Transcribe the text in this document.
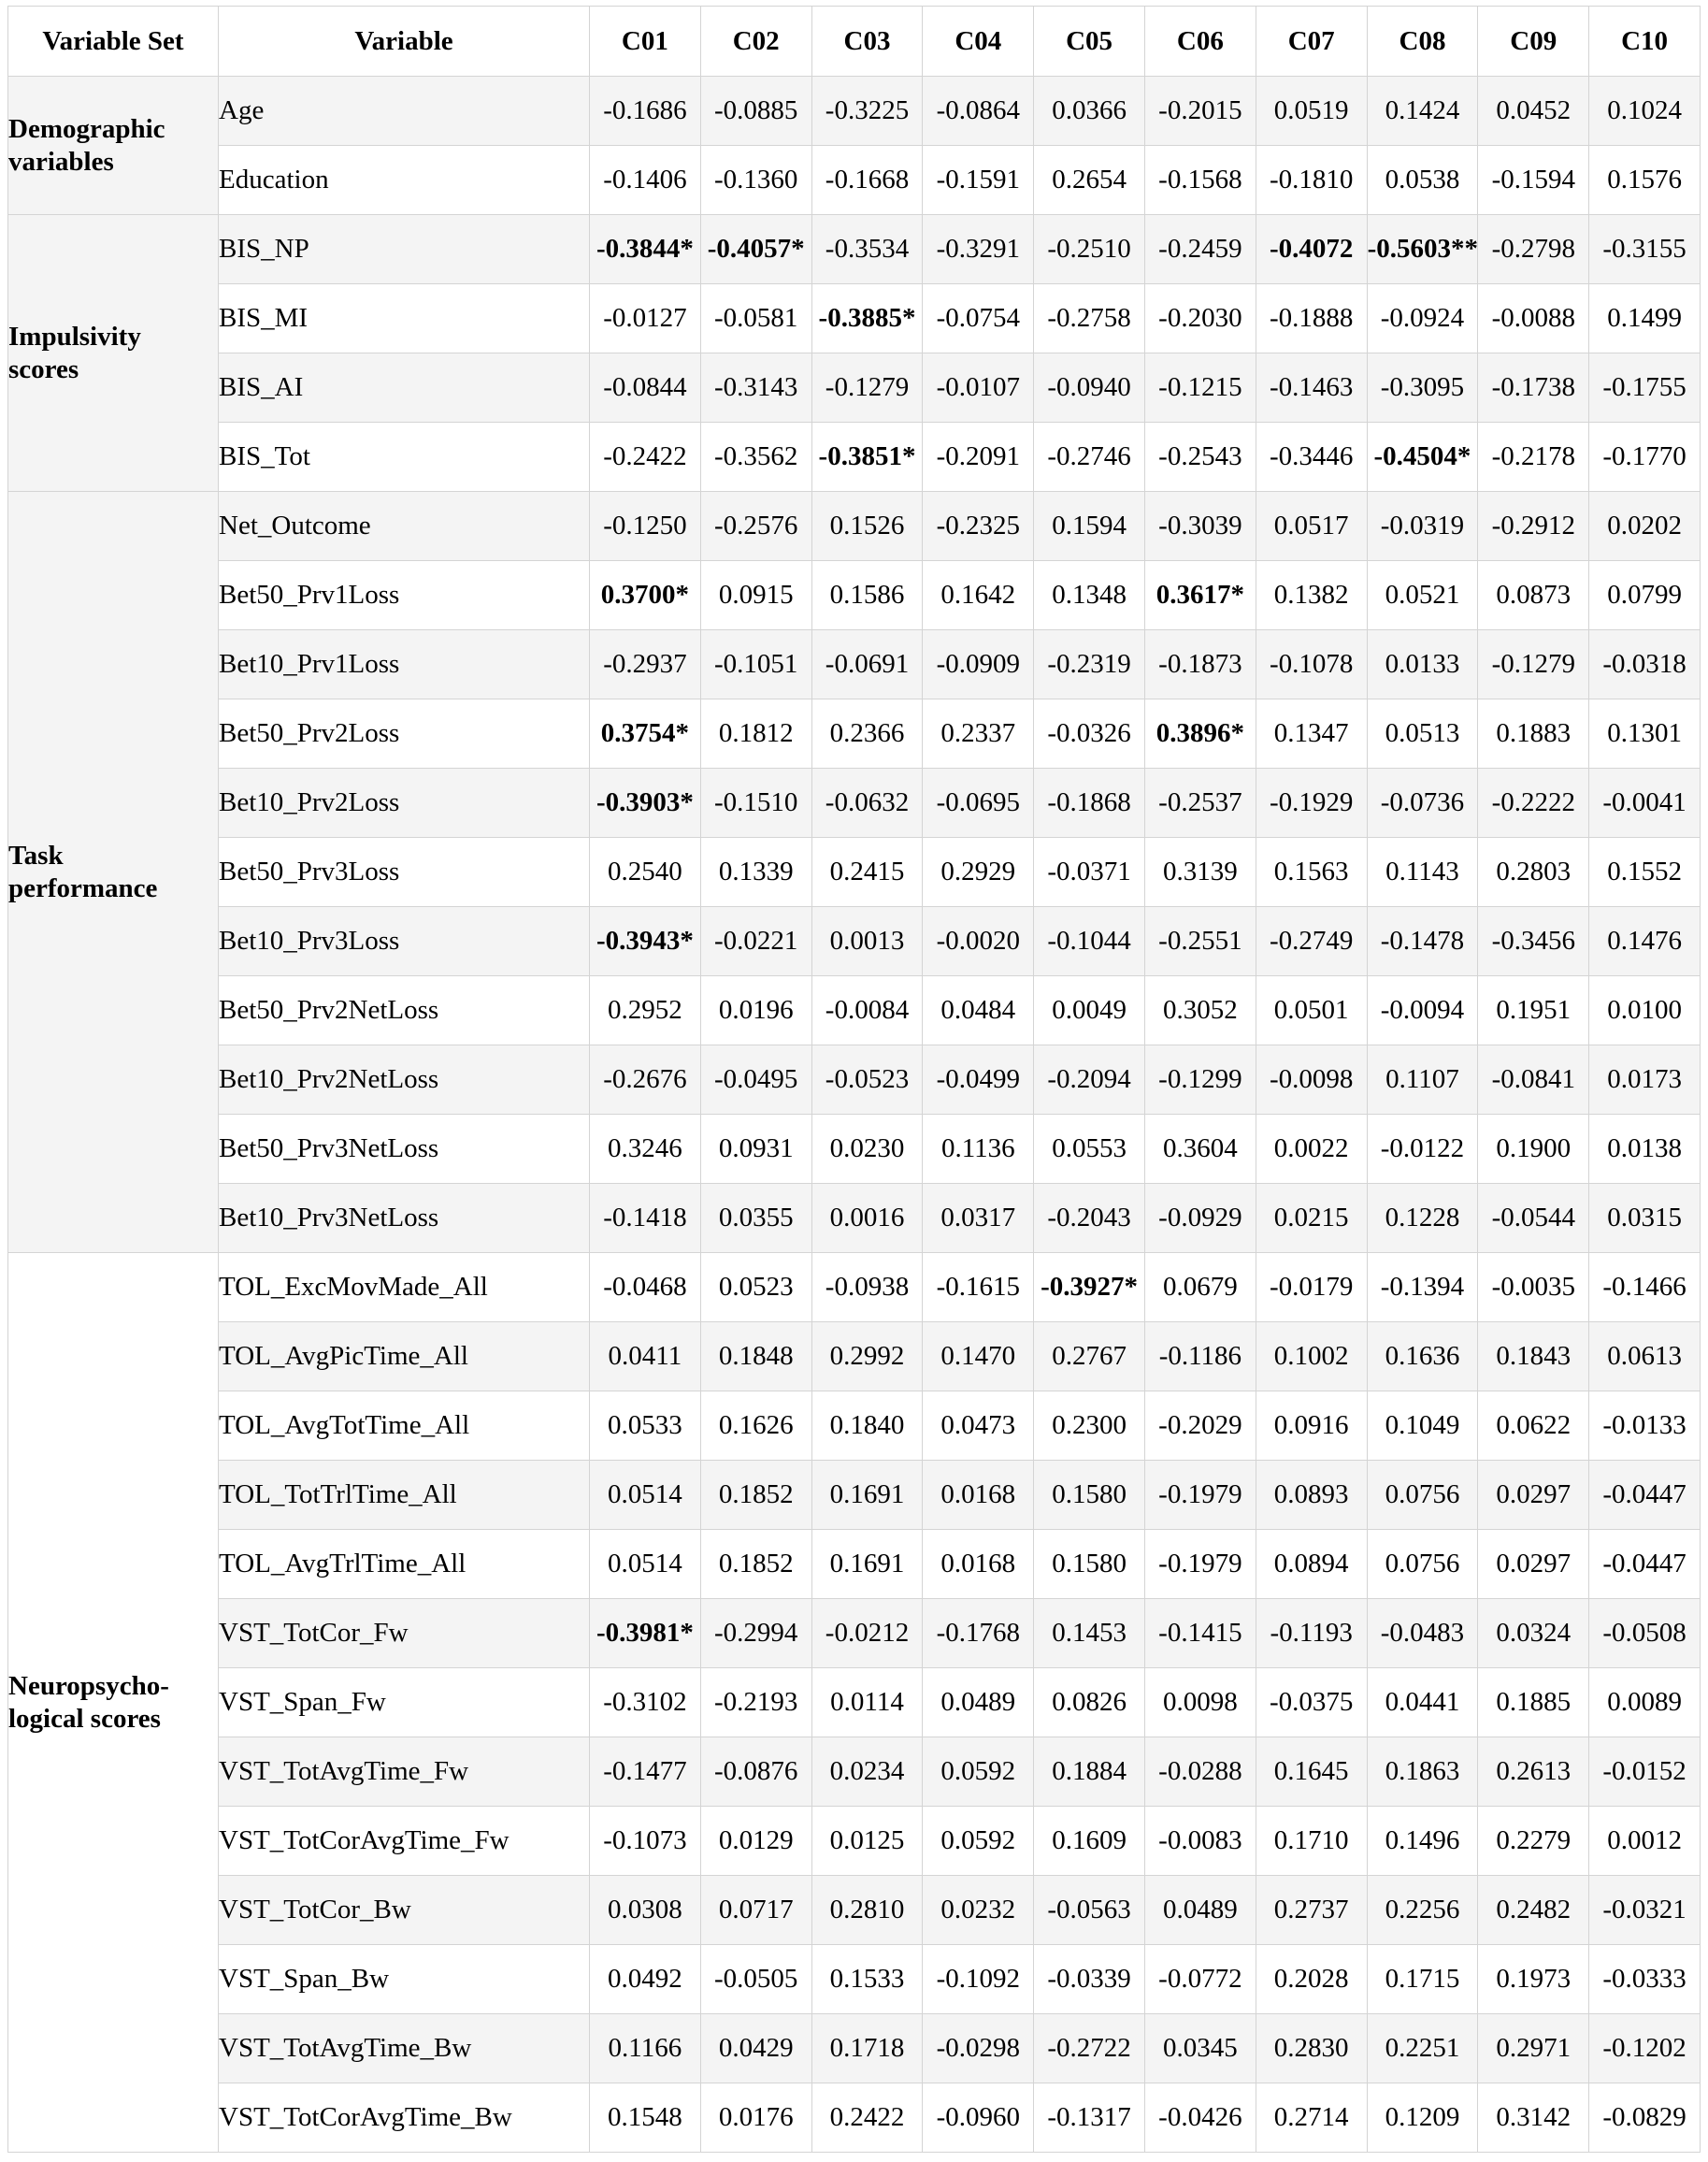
Variable Set	Variable	C01	C02	C03	C04	C05	C06	C07	C08	C09	C10

Demographic
variables	Age	-0.1686	-0.0885	-0.3225	-0.0864	0.0366	-0.2015	0.0519	0.1424	0.0452	0.1024
	Education	-0.1406	-0.1360	-0.1668	-0.1591	0.2654	-0.1568	-0.1810	0.0538	-0.1594	0.1576

Impulsivity
scores	BIS_NP	-0.3844*	-0.4057*	-0.3534	-0.3291	-0.2510	-0.2459	-0.4072	-0.5603**	-0.2798	-0.3155
	BIS_MI	-0.0127	-0.0581	-0.3885*	-0.0754	-0.2758	-0.2030	-0.1888	-0.0924	-0.0088	0.1499
	BIS_AI	-0.0844	-0.3143	-0.1279	-0.0107	-0.0940	-0.1215	-0.1463	-0.3095	-0.1738	-0.1755
	BIS_Tot	-0.2422	-0.3562	-0.3851*	-0.2091	-0.2746	-0.2543	-0.3446	-0.4504*	-0.2178	-0.1770

Task
performance	Net_Outcome	-0.1250	-0.2576	0.1526	-0.2325	0.1594	-0.3039	0.0517	-0.0319	-0.2912	0.0202
	Bet50_Prv1Loss	0.3700*	0.0915	0.1586	0.1642	0.1348	0.3617*	0.1382	0.0521	0.0873	0.0799
	Bet10_Prv1Loss	-0.2937	-0.1051	-0.0691	-0.0909	-0.2319	-0.1873	-0.1078	0.0133	-0.1279	-0.0318
	Bet50_Prv2Loss	0.3754*	0.1812	0.2366	0.2337	-0.0326	0.3896*	0.1347	0.0513	0.1883	0.1301
	Bet10_Prv2Loss	-0.3903*	-0.1510	-0.0632	-0.0695	-0.1868	-0.2537	-0.1929	-0.0736	-0.2222	-0.0041
	Bet50_Prv3Loss	0.2540	0.1339	0.2415	0.2929	-0.0371	0.3139	0.1563	0.1143	0.2803	0.1552
	Bet10_Prv3Loss	-0.3943*	-0.0221	0.0013	-0.0020	-0.1044	-0.2551	-0.2749	-0.1478	-0.3456	0.1476
	Bet50_Prv2NetLoss	0.2952	0.0196	-0.0084	0.0484	0.0049	0.3052	0.0501	-0.0094	0.1951	0.0100
	Bet10_Prv2NetLoss	-0.2676	-0.0495	-0.0523	-0.0499	-0.2094	-0.1299	-0.0098	0.1107	-0.0841	0.0173
	Bet50_Prv3NetLoss	0.3246	0.0931	0.0230	0.1136	0.0553	0.3604	0.0022	-0.0122	0.1900	0.0138
	Bet10_Prv3NetLoss	-0.1418	0.0355	0.0016	0.0317	-0.2043	-0.0929	0.0215	0.1228	-0.0544	0.0315

Neuropsycho-
logical scores	TOL_ExcMovMade_All	-0.0468	0.0523	-0.0938	-0.1615	-0.3927*	0.0679	-0.0179	-0.1394	-0.0035	-0.1466
	TOL_AvgPicTime_All	0.0411	0.1848	0.2992	0.1470	0.2767	-0.1186	0.1002	0.1636	0.1843	0.0613
	TOL_AvgTotTime_All	0.0533	0.1626	0.1840	0.0473	0.2300	-0.2029	0.0916	0.1049	0.0622	-0.0133
	TOL_TotTrlTime_All	0.0514	0.1852	0.1691	0.0168	0.1580	-0.1979	0.0893	0.0756	0.0297	-0.0447
	TOL_AvgTrlTime_All	0.0514	0.1852	0.1691	0.0168	0.1580	-0.1979	0.0894	0.0756	0.0297	-0.0447
	VST_TotCor_Fw	-0.3981*	-0.2994	-0.0212	-0.1768	0.1453	-0.1415	-0.1193	-0.0483	0.0324	-0.0508
	VST_Span_Fw	-0.3102	-0.2193	0.0114	0.0489	0.0826	0.0098	-0.0375	0.0441	0.1885	0.0089
	VST_TotAvgTime_Fw	-0.1477	-0.0876	0.0234	0.0592	0.1884	-0.0288	0.1645	0.1863	0.2613	-0.0152
	VST_TotCorAvgTime_Fw	-0.1073	0.0129	0.0125	0.0592	0.1609	-0.0083	0.1710	0.1496	0.2279	0.0012
	VST_TotCor_Bw	0.0308	0.0717	0.2810	0.0232	-0.0563	0.0489	0.2737	0.2256	0.2482	-0.0321
	VST_Span_Bw	0.0492	-0.0505	0.1533	-0.1092	-0.0339	-0.0772	0.2028	0.1715	0.1973	-0.0333
	VST_TotAvgTime_Bw	0.1166	0.0429	0.1718	-0.0298	-0.2722	0.0345	0.2830	0.2251	0.2971	-0.1202
	VST_TotCorAvgTime_Bw	0.1548	0.0176	0.2422	-0.0960	-0.1317	-0.0426	0.2714	0.1209	0.3142	-0.0829
